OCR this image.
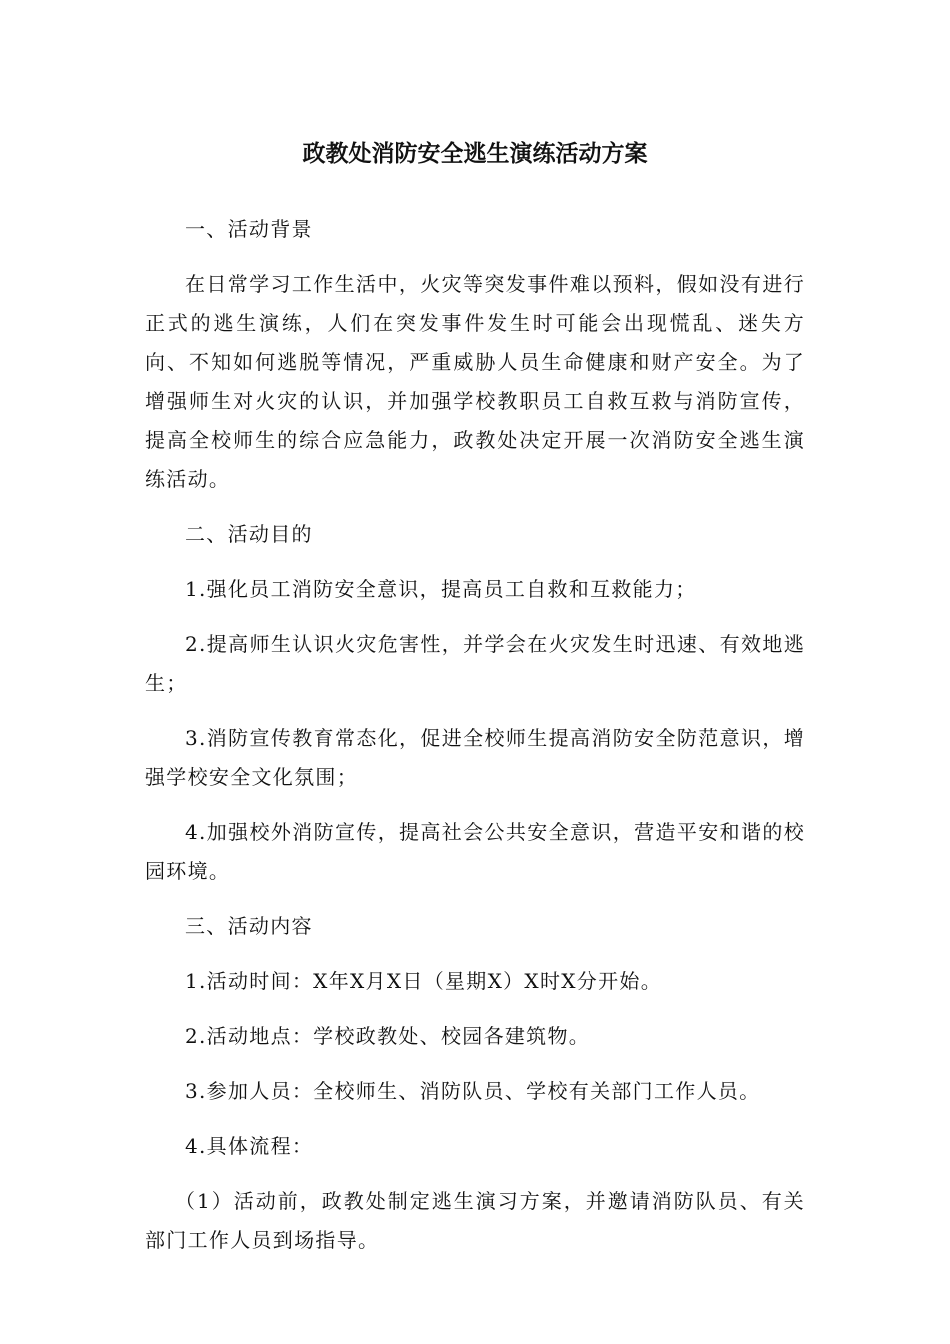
政教处消防安全逃生演练活动方案

一、活动背景

在日常学习工作生活中，火灾等突发事件难以预料，假如没有进行正式的逃生演练，人们在突发事件发生时可能会出现慌乱、迷失方向、不知如何逃脱等情况，严重威胁人员生命健康和财产安全。为了增强师生对火灾的认识，并加强学校教职员工自救互救与消防宣传，提高全校师生的综合应急能力，政教处决定开展一次消防安全逃生演练活动。

二、活动目的

1.强化员工消防安全意识，提高员工自救和互救能力；

2.提高师生认识火灾危害性，并学会在火灾发生时迅速、有效地逃生；

3.消防宣传教育常态化，促进全校师生提高消防安全防范意识，增强学校安全文化氛围；

4.加强校外消防宣传，提高社会公共安全意识，营造平安和谐的校园环境。

三、活动内容

1.活动时间：X年X月X日（星期X）X时X分开始。

2.活动地点：学校政教处、校园各建筑物。

3.参加人员：全校师生、消防队员、学校有关部门工作人员。

4.具体流程：

（1）活动前，政教处制定逃生演习方案，并邀请消防队员、有关部门工作人员到场指导。
